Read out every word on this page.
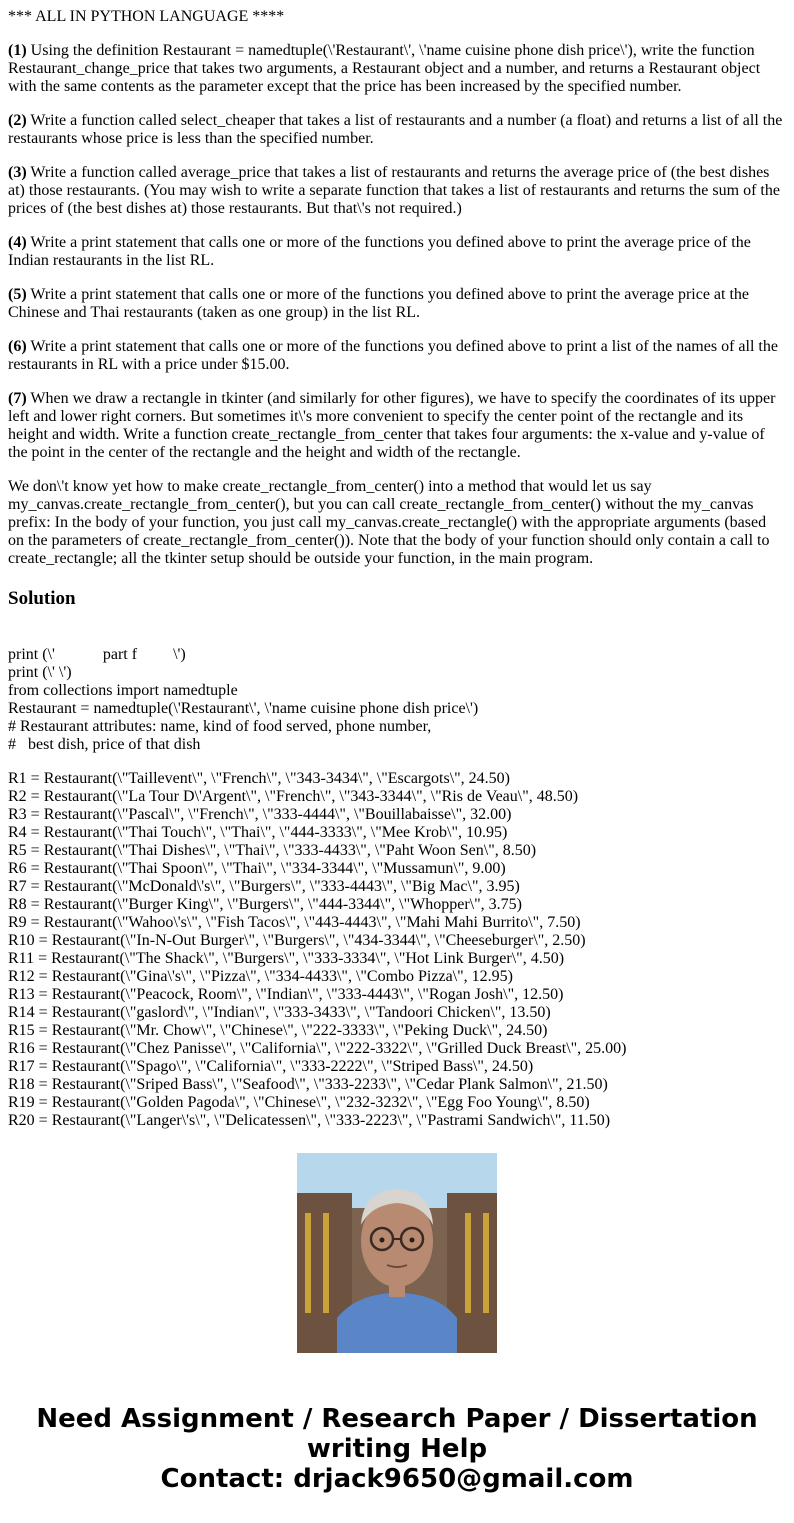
*** ALL IN PYTHON LANGUAGE ****

(1) Using the definition Restaurant = namedtuple(\'Restaurant\', \'name cuisine phone dish price\'), write the function Restaurant_change_price that takes two arguments, a Restaurant object and a number, and returns a Restaurant object with the same contents as the parameter except that the price has been increased by the specified number.

(2) Write a function called select_cheaper that takes a list of restaurants and a number (a float) and returns a list of all the restaurants whose price is less than the specified number.

(3) Write a function called average_price that takes a list of restaurants and returns the average price of (the best dishes at) those restaurants. (You may wish to write a separate function that takes a list of restaurants and returns the sum of the prices of (the best dishes at) those restaurants. But that\'s not required.)

(4) Write a print statement that calls one or more of the functions you defined above to print the average price of the Indian restaurants in the list RL.

(5) Write a print statement that calls one or more of the functions you defined above to print the average price at the Chinese and Thai restaurants (taken as one group) in the list RL.

(6) Write a print statement that calls one or more of the functions you defined above to print a list of the names of all the restaurants in RL with a price under $15.00.

(7) When we draw a rectangle in tkinter (and similarly for other figures), we have to specify the coordinates of its upper left and lower right corners. But sometimes it\'s more convenient to specify the center point of the rectangle and its height and width. Write a function create_rectangle_from_center that takes four arguments: the x-value and y-value of the point in the center of the rectangle and the height and width of the rectangle.

We don\'t know yet how to make create_rectangle_from_center() into a method that would let us say my_canvas.create_rectangle_from_center(), but you can call create_rectangle_from_center() without the my_canvas prefix: In the body of your function, you just call my_canvas.create_rectangle() with the appropriate arguments (based on the parameters of create_rectangle_from_center()). Note that the body of your function should only contain a call to create_rectangle; all the tkinter setup should be outside your function, in the main program.

Solution
print (\'            part f         \')
print (\' \')
from collections import namedtuple
Restaurant = namedtuple(\'Restaurant\', \'name cuisine phone dish price\')
# Restaurant attributes: name, kind of food served, phone number,
#   best dish, price of that dish
R1 = Restaurant(\"Taillevent\", \"French\", \"343-3434\", \"Escargots\", 24.50)
R2 = Restaurant(\"La Tour D\'Argent\", \"French\", \"343-3344\", \"Ris de Veau\", 48.50)
R3 = Restaurant(\"Pascal\", \"French\", \"333-4444\", \"Bouillabaisse\", 32.00)
R4 = Restaurant(\"Thai Touch\", \"Thai\", \"444-3333\", \"Mee Krob\", 10.95)
R5 = Restaurant(\"Thai Dishes\", \"Thai\", \"333-4433\", \"Paht Woon Sen\", 8.50)
R6 = Restaurant(\"Thai Spoon\", \"Thai\", \"334-3344\", \"Mussamun\", 9.00)
R7 = Restaurant(\"McDonald\'s\", \"Burgers\", \"333-4443\", \"Big Mac\", 3.95)
R8 = Restaurant(\"Burger King\", \"Burgers\", \"444-3344\", \"Whopper\", 3.75)
R9 = Restaurant(\"Wahoo\'s\", \"Fish Tacos\", \"443-4443\", \"Mahi Mahi Burrito\", 7.50)
R10 = Restaurant(\"In-N-Out Burger\", \"Burgers\", \"434-3344\", \"Cheeseburger\", 2.50)
R11 = Restaurant(\"The Shack\", \"Burgers\", \"333-3334\", \"Hot Link Burger\", 4.50)
R12 = Restaurant(\"Gina\'s\", \"Pizza\", \"334-4433\", \"Combo Pizza\", 12.95)
R13 = Restaurant(\"Peacock, Room\", \"Indian\", \"333-4443\", \"Rogan Josh\", 12.50)
R14 = Restaurant(\"gaslord\", \"Indian\", \"333-3433\", \"Tandoori Chicken\", 13.50)
R15 = Restaurant(\"Mr. Chow\", \"Chinese\", \"222-3333\", \"Peking Duck\", 24.50)
R16 = Restaurant(\"Chez Panisse\", \"California\", \"222-3322\", \"Grilled Duck Breast\", 25.00)
R17 = Restaurant(\"Spago\", \"California\", \"333-2222\", \"Striped Bass\", 24.50)
R18 = Restaurant(\"Sriped Bass\", \"Seafood\", \"333-2233\", \"Cedar Plank Salmon\", 21.50)
R19 = Restaurant(\"Golden Pagoda\", \"Chinese\", \"232-3232\", \"Egg Foo Young\", 8.50)
R20 = Restaurant(\"Langer\'s\", \"Delicatessen\", \"333-2223\", \"Pastrami Sandwich\", 11.50)
Need Assignment / Research Paper / Dissertation
writing Help
Contact: drjack9650@gmail.com
